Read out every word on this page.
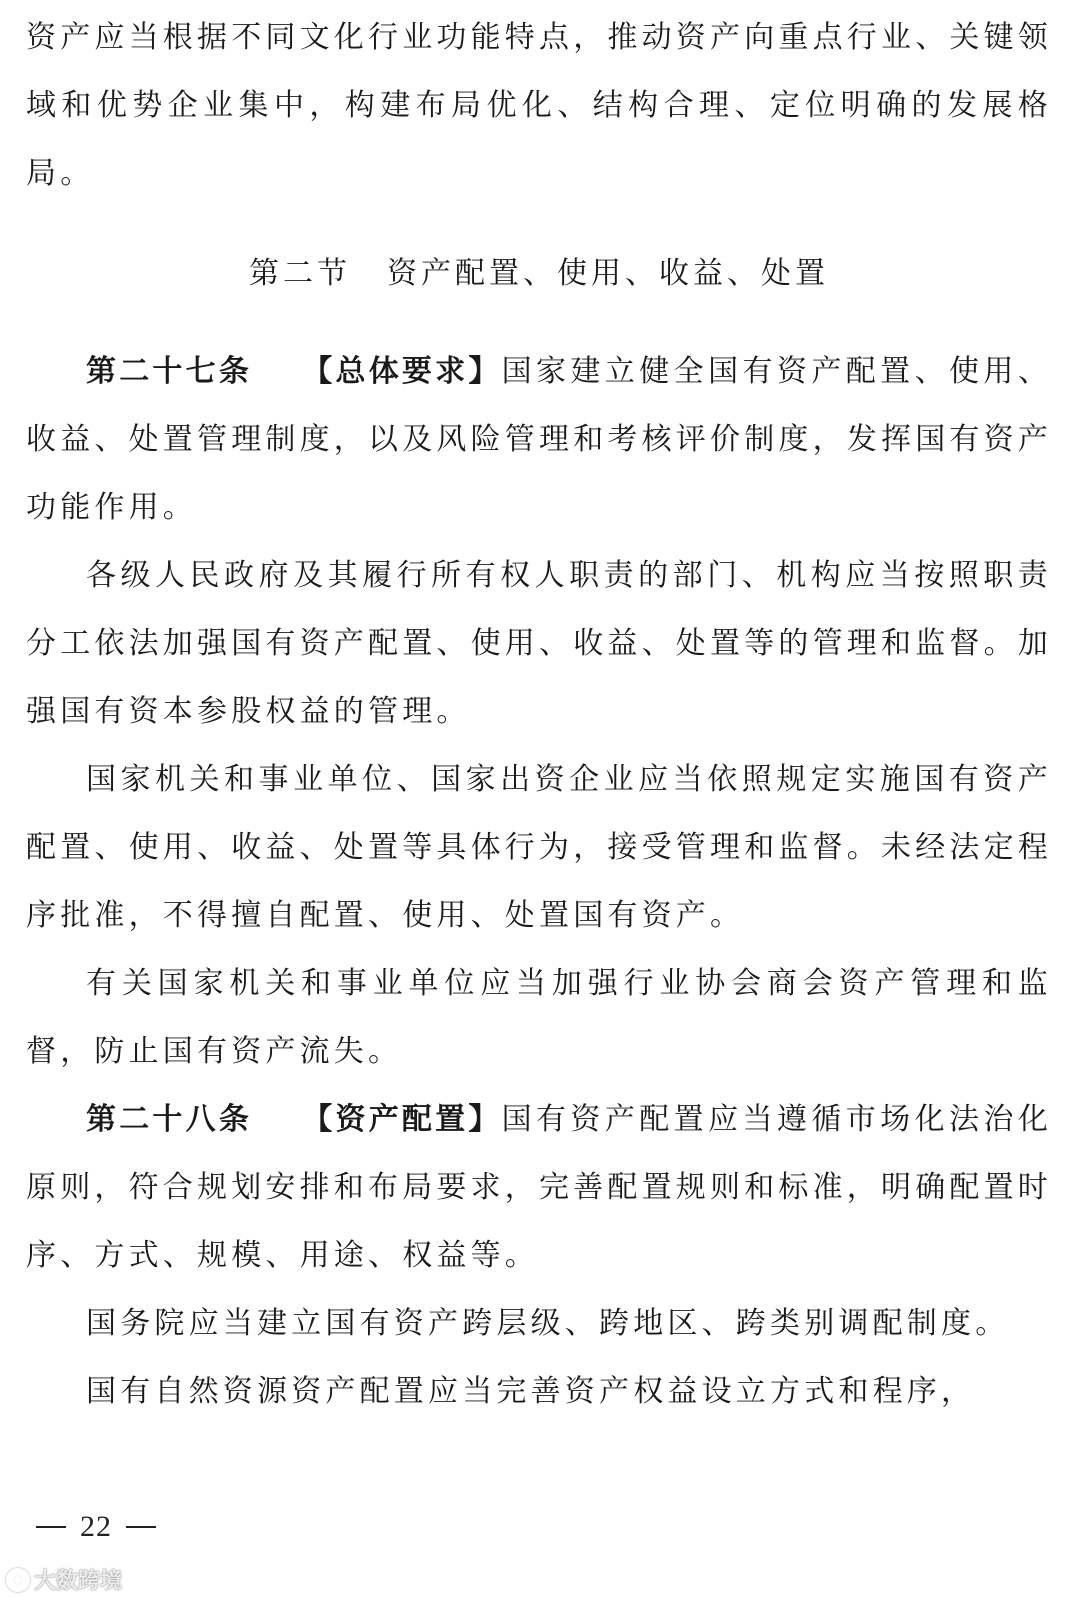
资产应当根据不同文化行业功能特点，推动资产向重点行业、关键领域和优势企业集中，构建布局优化、结构合理、定位明确的发展格局。

第二节 资产配置、使用、收益、处置

第二十七条 【总体要求】国家建立健全国有资产配置、使用、收益、处置管理制度，以及风险管理和考核评价制度，发挥国有资产功能作用。

各级人民政府及其履行所有权人职责的部门、机构应当按照职责分工依法加强国有资产配置、使用、收益、处置等的管理和监督。加强国有资本参股权益的管理。

国家机关和事业单位、国家出资企业应当依照规定实施国有资产配置、使用、收益、处置等具体行为，接受管理和监督。未经法定程序批准，不得擅自配置、使用、处置国有资产。

有关国家机关和事业单位应当加强行业协会商会资产管理和监督，防止国有资产流失。

第二十八条 【资产配置】国有资产配置应当遵循市场化法治化原则，符合规划安排和布局要求，完善配置规则和标准，明确配置时序、方式、规模、用途、权益等。

国务院应当建立国有资产跨层级、跨地区、跨类别调配制度。

国有自然资源资产配置应当完善资产权益设立方式和程序，

22
大数跨境
